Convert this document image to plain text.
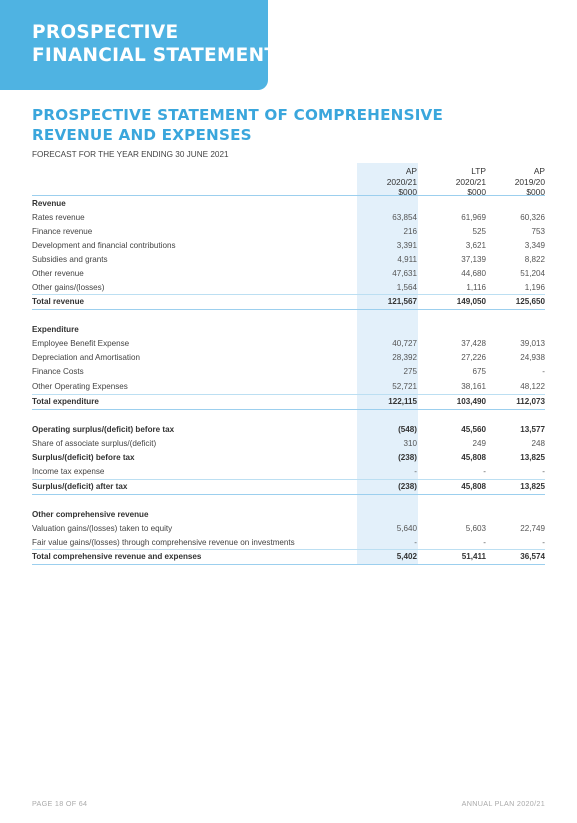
PROSPECTIVE
FINANCIAL STATEMENTS
PROSPECTIVE STATEMENT OF COMPREHENSIVE
REVENUE AND EXPENSES
FORECAST FOR THE YEAR ENDING 30 JUNE 2021
AP
2020/21
$000
LTP
2020/21
$000
AP
2019/20
$000
Revenue
Rates revenue	63,854	61,969	60,326
Finance revenue	216	525	753
Development and financial contributions	3,391	3,621	3,349
Subsidies and grants	4,911	37,139	8,822
Other revenue	47,631	44,680	51,204
Other gains/(losses)	1,564	1,116	1,196
Total revenue	121,567	149,050	125,650
Expenditure
Employee Benefit Expense	40,727	37,428	39,013
Depreciation and Amortisation	28,392	27,226	24,938
Finance Costs	275	675	-
Other Operating Expenses	52,721	38,161	48,122
Total expenditure	122,115	103,490	112,073
Operating surplus/(deficit) before tax	(548)	45,560	13,577
Share of associate surplus/(deficit)	310	249	248
Surplus/(deficit) before tax	(238)	45,808	13,825
Income tax expense	-	-	-
Surplus/(deficit) after tax	(238)	45,808	13,825
Other comprehensive revenue
Valuation gains/(losses) taken to equity	5,640	5,603	22,749
Fair value gains/(losses) through comprehensive revenue on investments	-	-	-
Total comprehensive revenue and expenses	5,402	51,411	36,574
PAGE 18 OF 64	ANNUAL PLAN 2020/21
